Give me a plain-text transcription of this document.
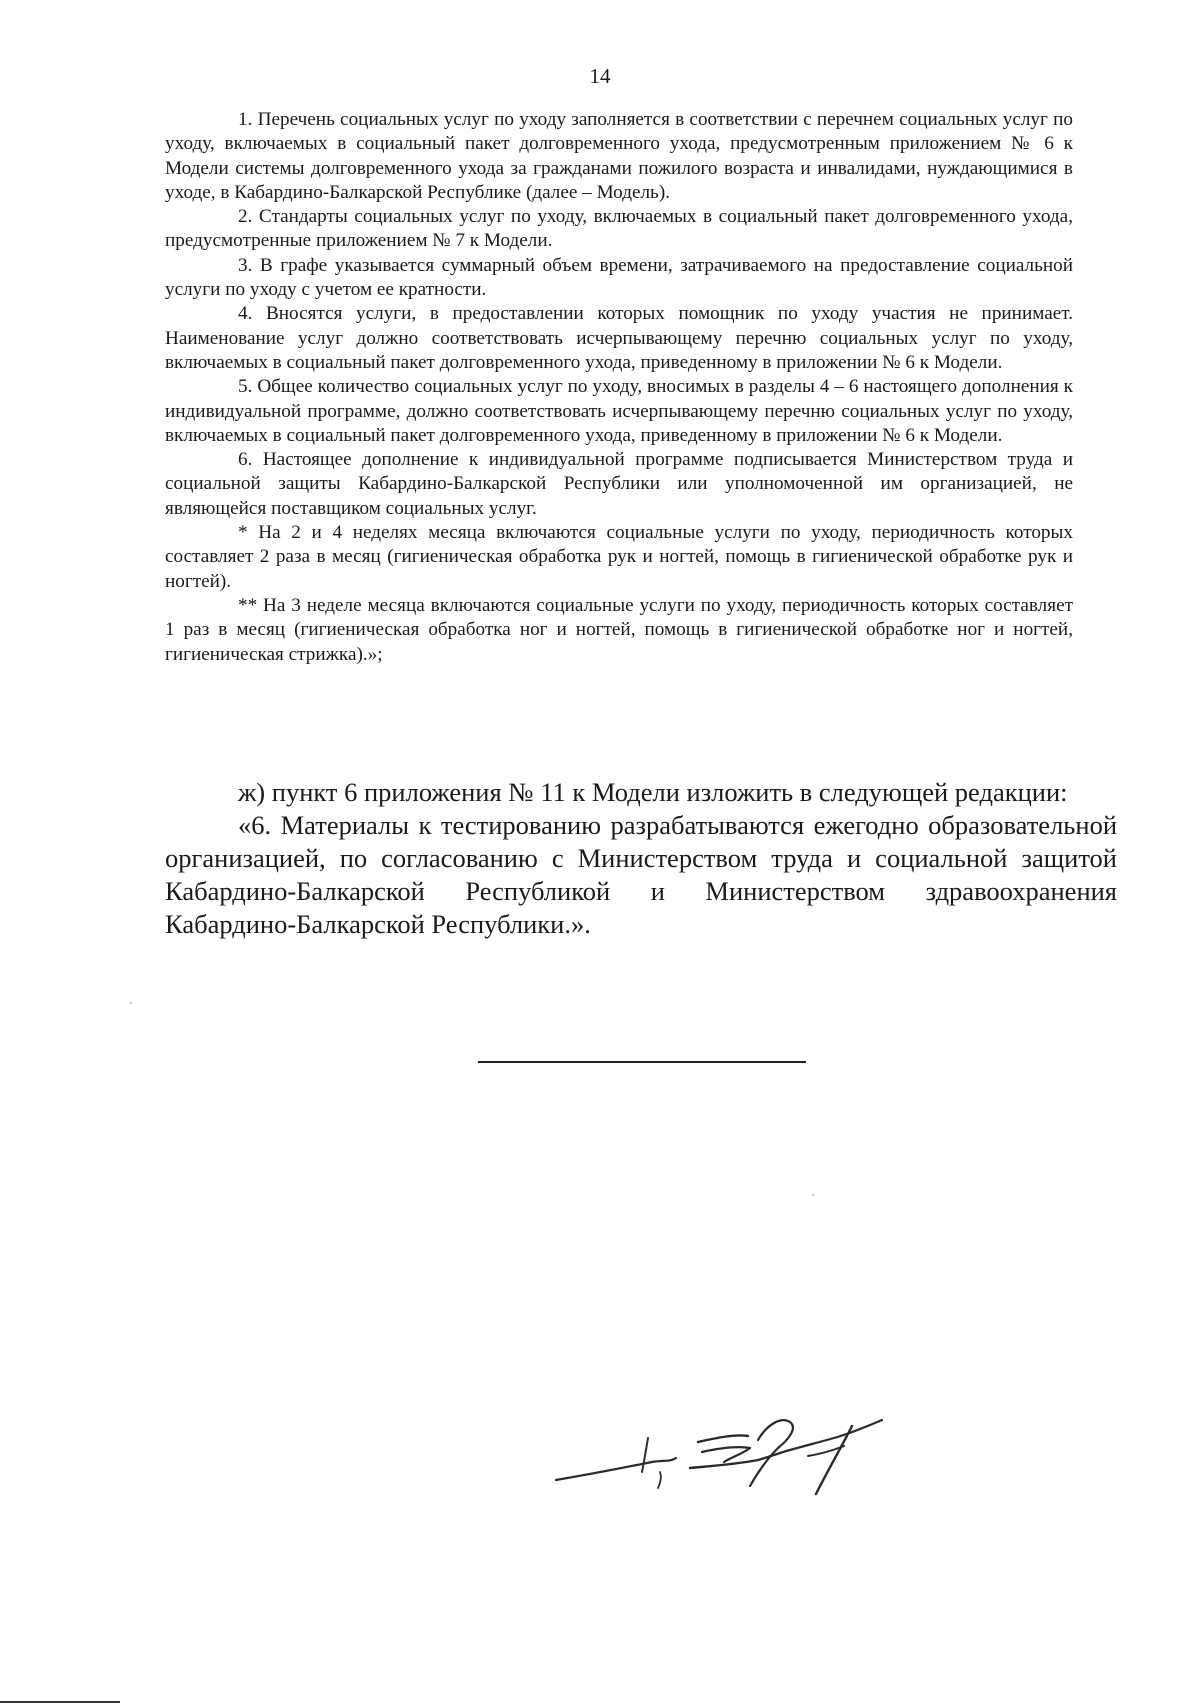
14

1. Перечень социальных услуг по уходу заполняется в соответствии с перечнем социальных услуг по уходу, включаемых в социальный пакет долговременного ухода, предусмотренным приложением № 6 к Модели системы долговременного ухода за гражданами пожилого возраста и инвалидами, нуждающимися в уходе, в Кабардино-Балкарской Республике (далее – Модель).

2. Стандарты социальных услуг по уходу, включаемых в социальный пакет долговременного ухода, предусмотренные приложением № 7 к Модели.

3. В графе указывается суммарный объем времени, затрачиваемого на предоставление социальной услуги по уходу с учетом ее кратности.

4. Вносятся услуги, в предоставлении которых помощник по уходу участия не принимает. Наименование услуг должно соответствовать исчерпывающему перечню социальных услуг по уходу, включаемых в социальный пакет долговременного ухода, приведенному в приложении № 6 к Модели.

5. Общее количество социальных услуг по уходу, вносимых в разделы 4 – 6 настоящего дополнения к индивидуальной программе, должно соответствовать исчерпывающему перечню социальных услуг по уходу, включаемых в социальный пакет долговременного ухода, приведенному в приложении № 6 к Модели.

6. Настоящее дополнение к индивидуальной программе подписывается Министерством труда и социальной защиты Кабардино-Балкарской Республики или уполномоченной им организацией, не являющейся поставщиком социальных услуг.

* На 2 и 4 неделях месяца включаются социальные услуги по уходу, периодичность которых составляет 2 раза в месяц (гигиеническая обработка рук и ногтей, помощь в гигиенической обработке рук и ногтей).

** На 3 неделе месяца включаются социальные услуги по уходу, периодичность которых составляет 1 раз в месяц (гигиеническая обработка ног и ногтей, помощь в гигиенической обработке ног и ногтей, гигиеническая стрижка).»;

ж) пункт 6 приложения № 11 к Модели изложить в следующей редакции:

«6. Материалы к тестированию разрабатываются ежегодно образовательной организацией, по согласованию с Министерством труда и социальной защитой Кабардино-Балкарской Республикой и Министерством здравоохранения Кабардино-Балкарской Республики.».
